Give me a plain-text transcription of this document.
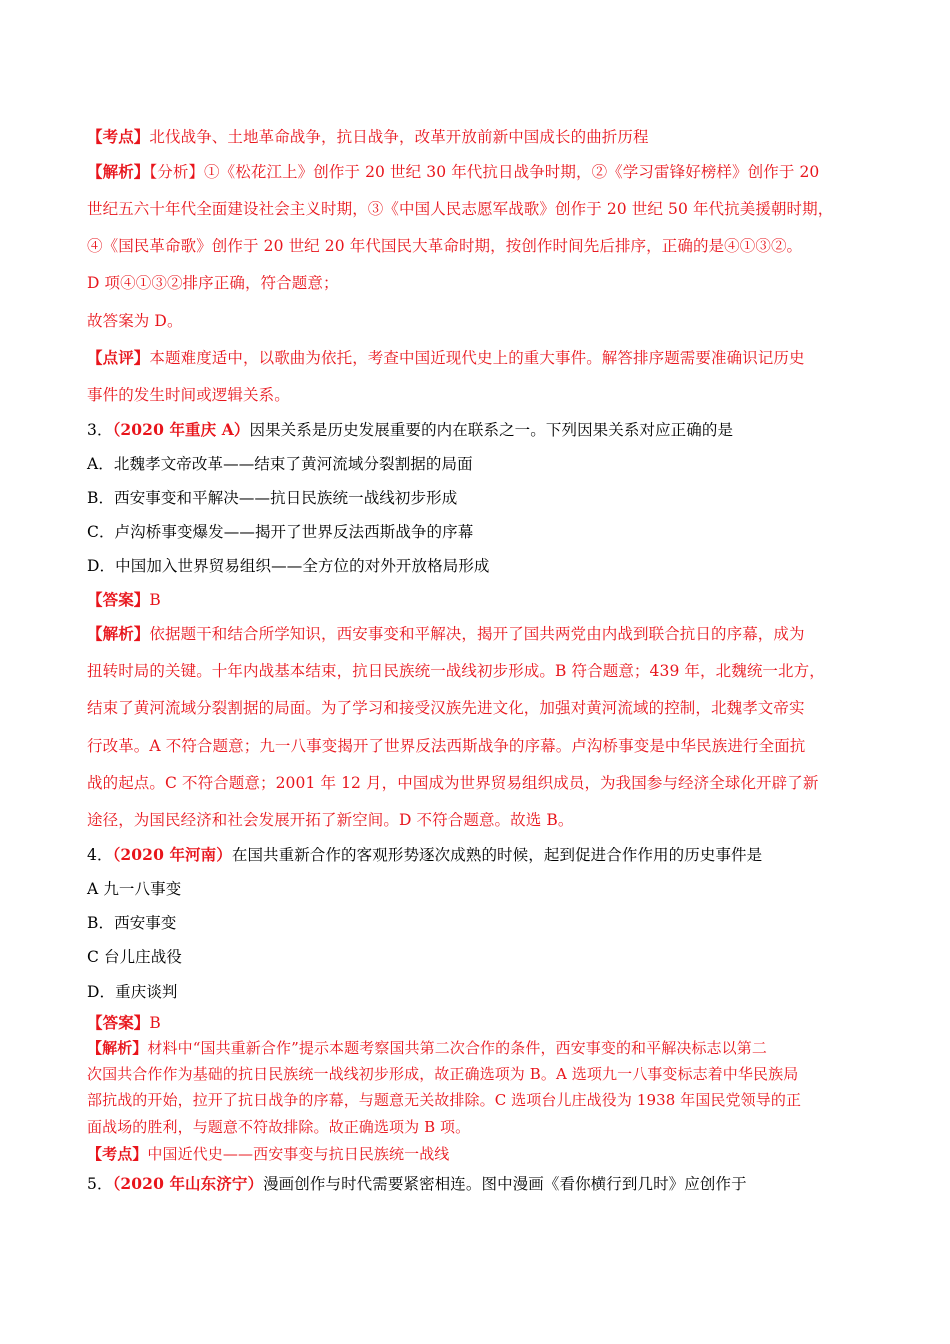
【考点】北伐战争、土地革命战争，抗日战争，改革开放前新中国成长的曲折历程
【解析】【分析】①《松花江上》创作于 20 世纪 30 年代抗日战争时期，②《学习雷锋好榜样》创作于 20
世纪五六十年代全面建设社会主义时期，③《中国人民志愿军战歌》创作于 20 世纪 50 年代抗美援朝时期，
④《国民革命歌》创作于 20 世纪 20 年代国民大革命时期，按创作时间先后排序，正确的是④①③②。
D 项④①③②排序正确，符合题意；
故答案为 D。
【点评】本题难度适中，以歌曲为依托，考查中国近现代史上的重大事件。解答排序题需要准确识记历史
事件的发生时间或逻辑关系。
3．（2020 年重庆 A）因果关系是历史发展重要的内在联系之一。下列因果关系对应正确的是
A．北魏孝文帝改革——结束了黄河流域分裂割据的局面
B．西安事变和平解决——抗日民族统一战线初步形成
C．卢沟桥事变爆发——揭开了世界反法西斯战争的序幕
D．中国加入世界贸易组织——全方位的对外开放格局形成
【答案】B
【解析】依据题干和结合所学知识，西安事变和平解决，揭开了国共两党由内战到联合抗日的序幕，成为
扭转时局的关键。十年内战基本结束，抗日民族统一战线初步形成。B 符合题意；439 年，北魏统一北方，
结束了黄河流域分裂割据的局面。为了学习和接受汉族先进文化，加强对黄河流域的控制，北魏孝文帝实
行改革。A 不符合题意；九一八事变揭开了世界反法西斯战争的序幕。卢沟桥事变是中华民族进行全面抗
战的起点。C 不符合题意；2001 年 12 月，中国成为世界贸易组织成员，为我国参与经济全球化开辟了新
途径，为国民经济和社会发展开拓了新空间。D 不符合题意。故选 B。
4．（2020 年河南）在国共重新合作的客观形势逐次成熟的时候，起到促进合作作用的历史事件是
A 九一八事变
B．西安事变
C 台儿庄战役
D．重庆谈判
【答案】B
【解析】材料中“国共重新合作”提示本题考察国共第二次合作的条件，西安事变的和平解决标志以第二
次国共合作作为基础的抗日民族统一战线初步形成，故正确选项为 B。A 选项九一八事变标志着中华民族局
部抗战的开始，拉开了抗日战争的序幕，与题意无关故排除。C 选项台儿庄战役为 1938 年国民党领导的正
面战场的胜利，与题意不符故排除。故正确选项为 B 项。
【考点】中国近代史——西安事变与抗日民族统一战线
5．（2020 年山东济宁）漫画创作与时代需要紧密相连。图中漫画《看你横行到几时》应创作于
